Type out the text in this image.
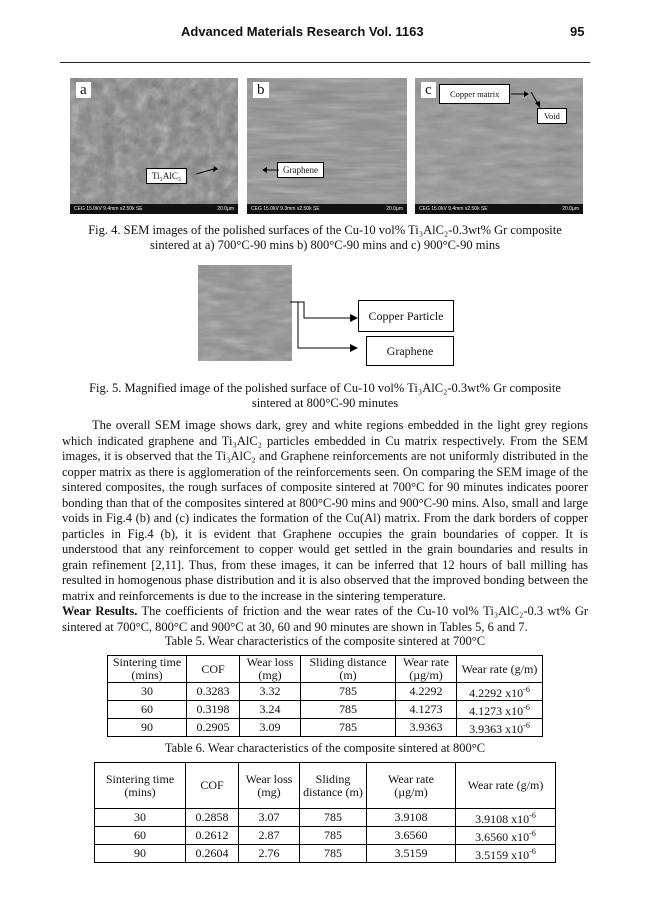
Advanced Materials Research Vol. 1163	95
a
Ti₃AlC₃
CEG 15.0kV 9.4mm x2.50k SE	20.0µm
b
Graphene
CEG 15.0kV 9.3mm x2.50k SE	20.0µm
c	Copper matrix
Void
CEG 15.0kV 9.4mm x2.50k SE	20.0µm
Fig. 4. SEM images of the polished surfaces of the Cu-10 vol% Ti₃AlC₂-0.3wt% Gr composite
sintered at a) 700°C-90 mins b) 800°C-90 mins and c) 900°C-90 mins
Copper Particle
Graphene
Fig. 5. Magnified image of the polished surface of Cu-10 vol% Ti₃AlC₂-0.3wt% Gr composite
sintered at 800°C-90 minutes

The overall SEM image shows dark, grey and white regions embedded in the light grey regions which indicated graphene and Ti₃AlC₂ particles embedded in Cu matrix respectively. From the SEM images, it is observed that the Ti₃AlC₂ and Graphene reinforcements are not uniformly distributed in the copper matrix as there is agglomeration of the reinforcements seen. On comparing the SEM image of the sintered composites, the rough surfaces of composite sintered at 700°C for 90 minutes indicates poorer bonding than that of the composites sintered at 800°C-90 mins and 900°C-90 mins. Also, small and large voids in Fig.4 (b) and (c) indicates the formation of the Cu(Al) matrix. From the dark borders of copper particles in Fig.4 (b), it is evident that Graphene occupies the grain boundaries of copper. It is understood that any reinforcement to copper would get settled in the grain boundaries and results in grain refinement [2,11]. Thus, from these images, it can be inferred that 12 hours of ball milling has resulted in homogenous phase distribution and it is also observed that the improved bonding between the matrix and reinforcements is due to the increase in the sintering temperature.

Wear Results. The coefficients of friction and the wear rates of the Cu-10 vol% Ti₃AlC₂-0.3 wt% Gr sintered at 700°C, 800°C and 900°C at 30, 60 and 90 minutes are shown in Tables 5, 6 and 7.

Table 5. Wear characteristics of the composite sintered at 700°C
Sintering time (mins)	COF	Wear loss (mg)	Sliding distance (m)	Wear rate (µg/m)	Wear rate (g/m)
30	0.3283	3.32	785	4.2292	4.2292 $x10^{-6}$
60	0.3198	3.24	785	4.1273	4.1273 $x10^{-6}$
90	0.2905	3.09	785	3.9363	3.9363 $x10^{-6}$
Table 6. Wear characteristics of the composite sintered at 800°C
Sintering time (mins)	COF	Wear loss (mg)	Sliding distance (m)	Wear rate (µg/m)	Wear rate (g/m)
30	0.2858	3.07	785	3.9108	3.9108 $x10^{-6}$
60	0.2612	2.87	785	3.6560	3.6560 $x10^{-6}$
90	0.2604	2.76	785	3.5159	3.5159 $x10^{-6}$
